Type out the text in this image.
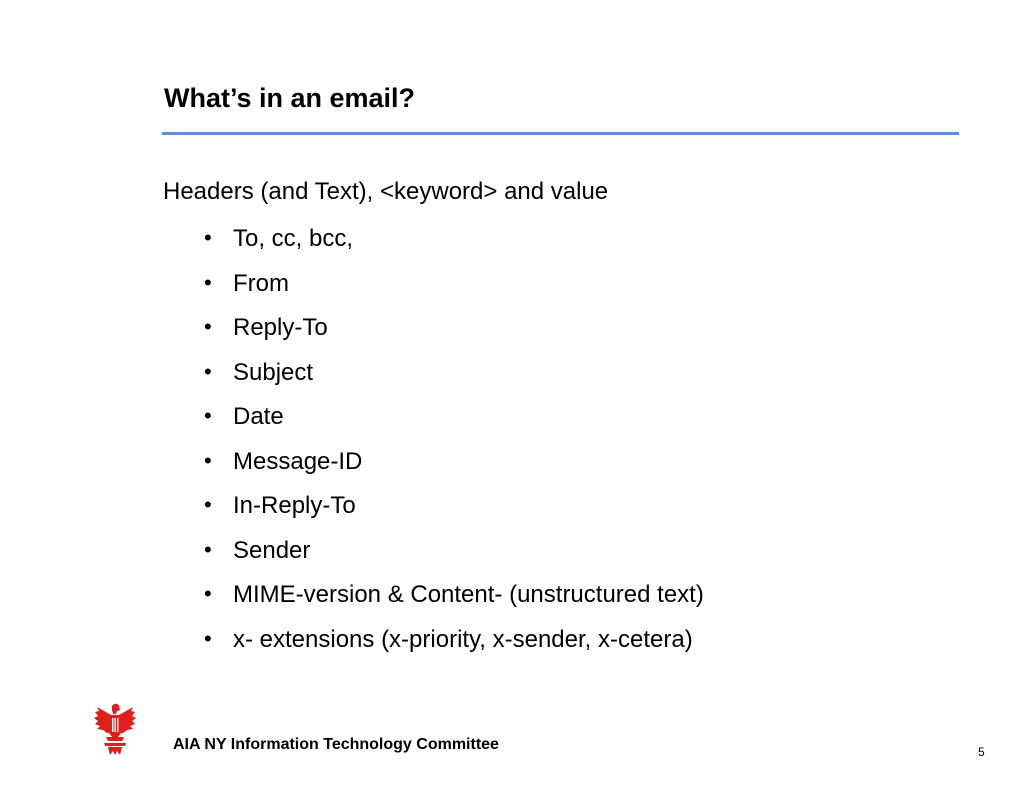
What’s in an email?

Headers (and Text), <keyword> and value

• To, cc, bcc,
• From
• Reply-To
• Subject
• Date
• Message-ID
• In-Reply-To
• Sender
• MIME-version & Content- (unstructured text)
• x- extensions (x-priority, x-sender, x-cetera)

AIA NY Information Technology Committee	5
